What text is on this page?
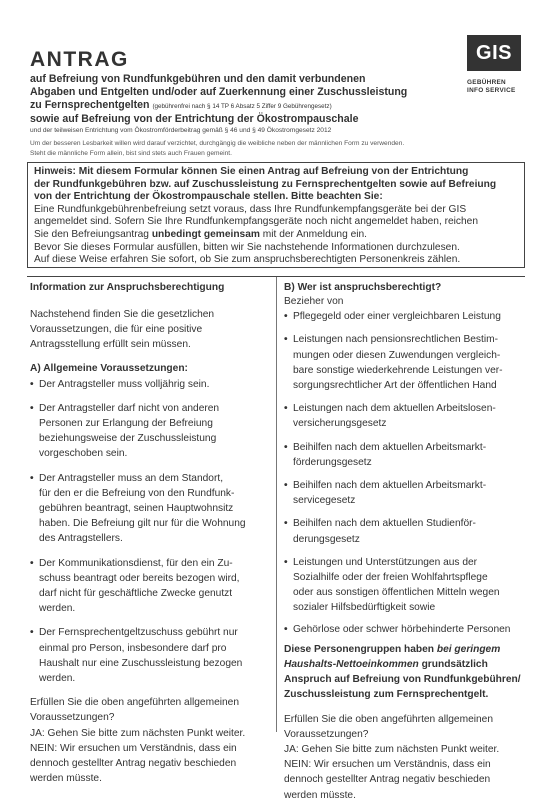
ANTRAG
auf Befreiung von Rundfunkgebühren und den damit verbundenen
Abgaben und Entgelten und/oder auf Zuerkennung einer Zuschussleistung
zu Fernsprechentgelten (gebührenfrei nach § 14 TP 6 Absatz 5 Ziffer 9 Gebührengesetz)
sowie auf Befreiung von der Entrichtung der Ökostrompauschale
und der teilweisen Entrichtung vom Ökostromförderbeitrag gemäß § 46 und § 49 Ökostromgesetz 2012
Um der besseren Lesbarkeit willen wird darauf verzichtet, durchgängig die weibliche neben der männlichen Form zu verwenden.
Steht die männliche Form allein, bist sind stets auch Frauen gemeint.
GIS
GEBÜHREN
INFO SERVICE
Hinweis: Mit diesem Formular können Sie einen Antrag auf Befreiung von der Entrichtung
der Rundfunkgebühren bzw. auf Zuschussleistung zu Fernsprechentgelten sowie auf Befreiung
von der Entrichtung der Ökostrompauschale stellen. Bitte beachten Sie:
Eine Rundfunkgebührenbefreiung setzt voraus, dass Ihre Rundfunkempfangsgeräte bei der GIS
angemeldet sind. Sofern Sie Ihre Rundfunkempfangsgeräte noch nicht angemeldet haben, reichen
Sie den Befreiungsantrag unbedingt gemeinsam mit der Anmeldung ein.
Bevor Sie dieses Formular ausfüllen, bitten wir Sie nachstehende Informationen durchzulesen.
Auf diese Weise erfahren Sie sofort, ob Sie zum anspruchsberechtigten Personenkreis zählen.
Information zur Anspruchsberechtigung
Nachstehend finden Sie die gesetzlichen
Voraussetzungen, die für eine positive
Antragsstellung erfüllt sein müssen.
A) Allgemeine Voraussetzungen:
• Der Antragsteller muss volljährig sein.
• Der Antragsteller darf nicht von anderen
Personen zur Erlangung der Befreiung
beziehungsweise der Zuschussleistung
vorgeschoben sein.
• Der Antragsteller muss an dem Standort,
für den er die Befreiung von den Rundfunk-
gebühren beantragt, seinen Hauptwohnsitz
haben. Die Befreiung gilt nur für die Wohnung
des Antragstellers.
• Der Kommunikationsdienst, für den ein Zu-
schuss beantragt oder bereits bezogen wird,
darf nicht für geschäftliche Zwecke genutzt
werden.
• Der Fernsprechentgeltzuschuss gebührt nur
einmal pro Person, insbesondere darf pro
Haushalt nur eine Zuschussleistung bezogen
werden.
Erfüllen Sie die oben angeführten allgemeinen
Voraussetzungen?
JA: Gehen Sie bitte zum nächsten Punkt weiter.
NEIN: Wir ersuchen um Verständnis, dass ein
dennoch gestellter Antrag negativ beschieden
werden müsste.
B) Wer ist anspruchsberechtigt?
Bezieher von
• Pflegegeld oder einer vergleichbaren Leistung
• Leistungen nach pensionsrechtlichen Bestim-
mungen oder diesen Zuwendungen vergleich-
bare sonstige wiederkehrende Leistungen ver-
sorgungsrechtlicher Art der öffentlichen Hand
• Leistungen nach dem aktuellen Arbeitslosen-
versicherungsgesetz
• Beihilfen nach dem aktuellen Arbeitsmarkt-
förderungsgesetz
• Beihilfen nach dem aktuellen Arbeitsmarkt-
servicegesetz
• Beihilfen nach dem aktuellen Studienför-
derungsgesetz
• Leistungen und Unterstützungen aus der
Sozialhilfe oder der freien Wohlfahrtspflege
oder aus sonstigen öffentlichen Mitteln wegen
sozialer Hilfsbedürftigkeit sowie
• Gehörlose oder schwer hörbehinderte Personen
Diese Personengruppen haben bei geringem
Haushalts-Nettoeinkommen grundsätzlich
Anspruch auf Befreiung von Rundfunkgebühren/
Zuschussleistung zum Fernsprechentgelt.
Erfüllen Sie die oben angeführten allgemeinen
Voraussetzungen?
JA: Gehen Sie bitte zum nächsten Punkt weiter.
NEIN: Wir ersuchen um Verständnis, dass ein
dennoch gestellter Antrag negativ beschieden
werden müsste.
